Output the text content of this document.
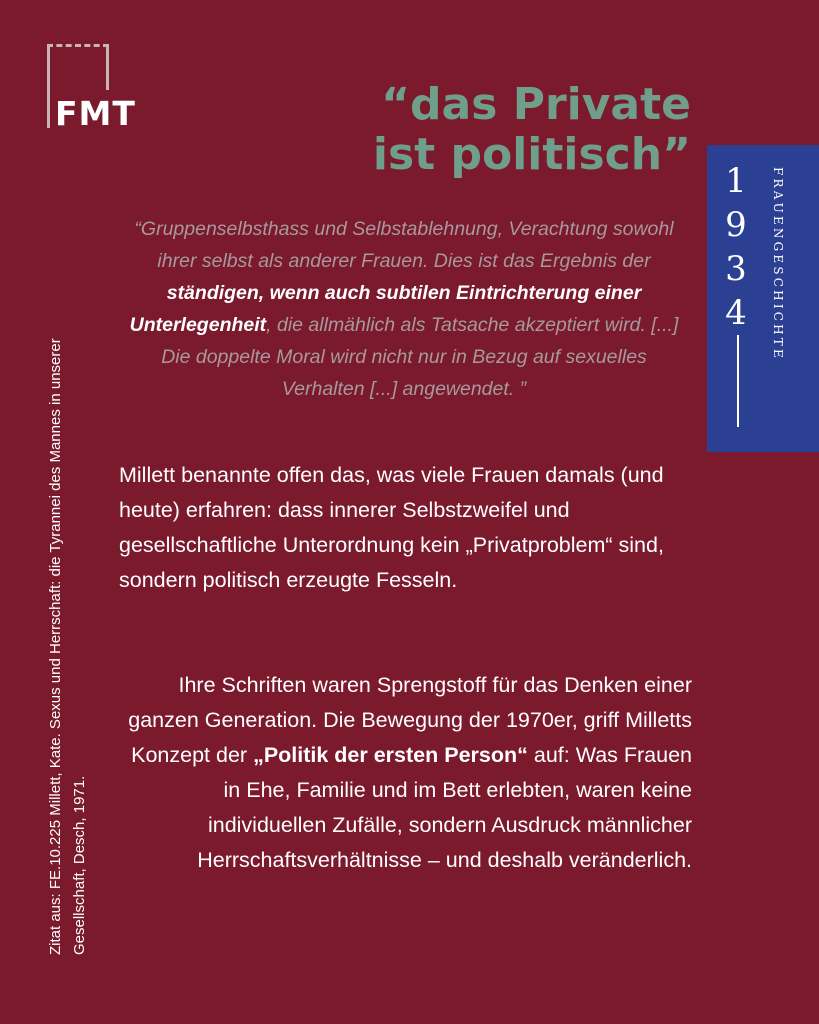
FMT	“das Private
ist politisch”
1
9
3
4	FRAUENGESCHICHTE
“Gruppenselbsthass und Selbstablehnung, Verachtung sowohl ihrer selbst als anderer Frauen. Dies ist das Ergebnis der ständigen, wenn auch subtilen Eintrichterung einer Unterlegenheit, die allmählich als Tatsache akzeptiert wird. [...] Die doppelte Moral wird nicht nur in Bezug auf sexuelles Verhalten [...] angewendet. ”
Millett benannte offen das, was viele Frauen damals (und heute) erfahren: dass innerer Selbstzweifel und gesellschaftliche Unterordnung kein „Privatproblem“ sind, sondern politisch erzeugte Fesseln.
Ihre Schriften waren Sprengstoff für das Denken einer ganzen Generation. Die Bewegung der 1970er, griff Milletts Konzept der „Politik der ersten Person“ auf: Was Frauen in Ehe, Familie und im Bett erlebten, waren keine individuellen Zufälle, sondern Ausdruck männlicher Herrschaftsverhältnisse – und deshalb veränderlich.
Zitat aus: FE.10.225 Millett, Kate. Sexus und Herrschaft: die Tyrannei des Mannes in unserer Gesellschaft, Desch, 1971.
